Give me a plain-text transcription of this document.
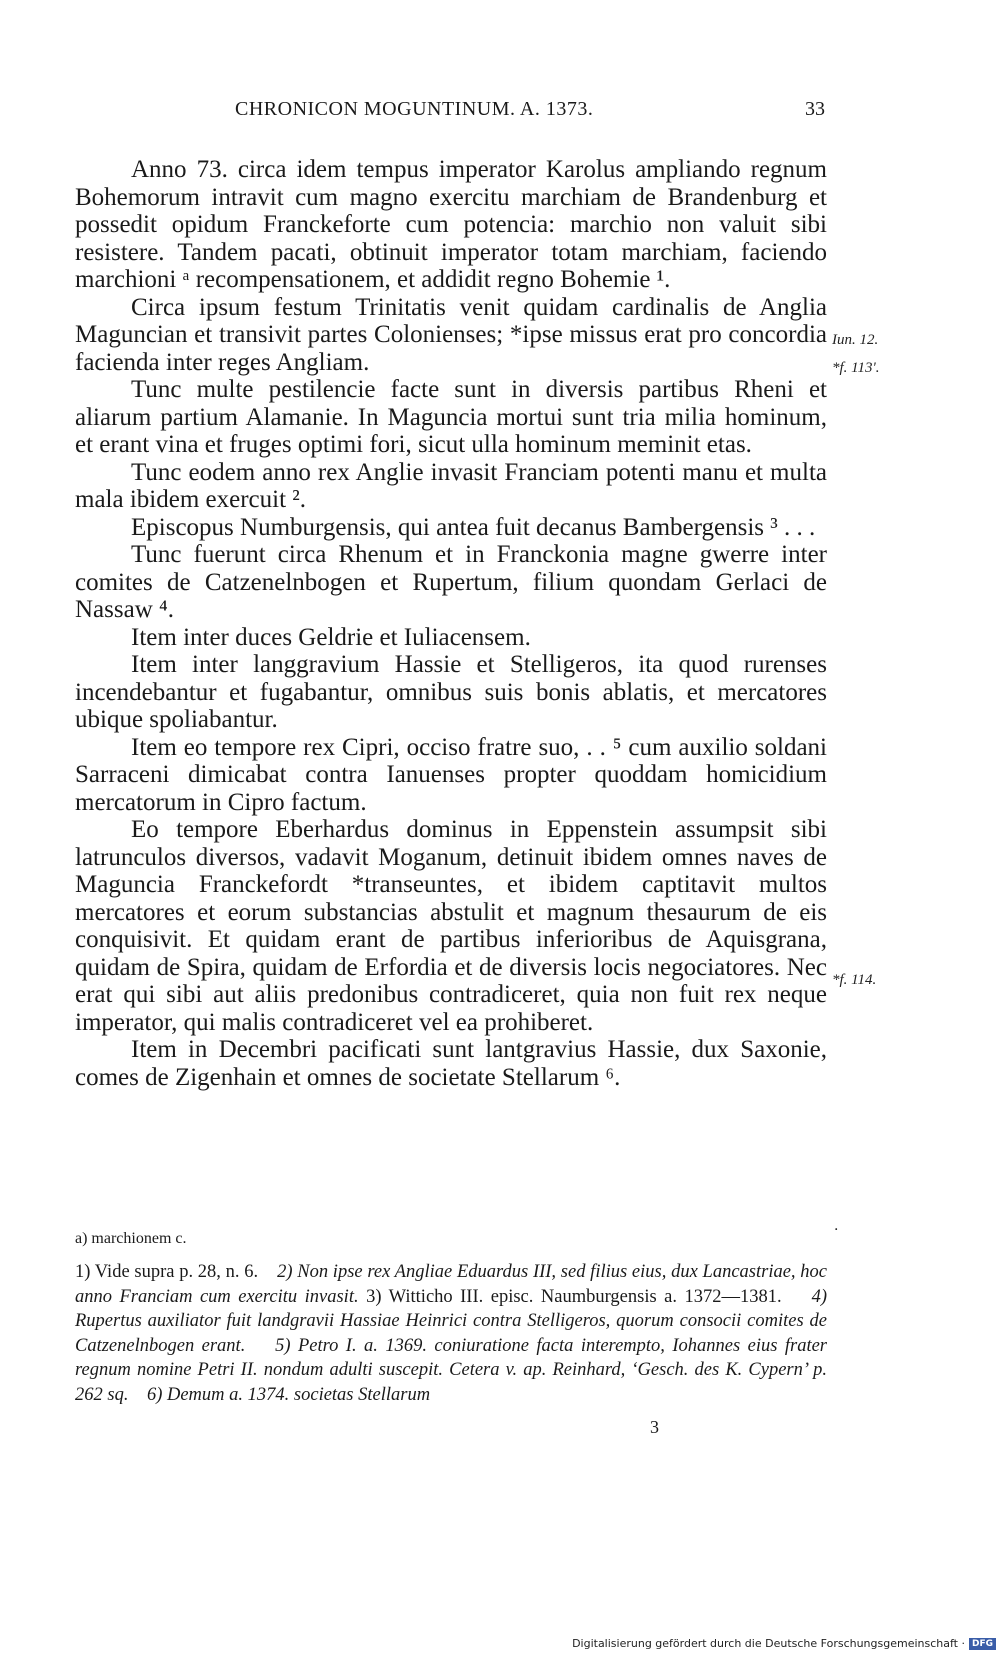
CHRONICON MOGUNTINUM. A. 1373.	33

Anno 73. circa idem tempus imperator Karolus ampliando regnum Bohemorum intravit cum magno exercitu marchiam de Brandenburg et possedit opidum Franckeforte cum potencia: marchio non valuit sibi resistere. Tandem pacati, obtinuit imperator totam marchiam, faciendo marchioni ᵃ recompensationem, et addidit regno Bohemie ¹.

Circa ipsum festum Trinitatis venit quidam cardinalis de Anglia Maguncian et transivit partes Colonienses; *ipse missus erat pro concordia facienda inter reges Angliam.

Tunc multe pestilencie facte sunt in diversis partibus Rheni et aliarum partium Alamanie. In Maguncia mortui sunt tria milia hominum, et erant vina et fruges optimi fori, sicut ulla hominum meminit etas.

Tunc eodem anno rex Anglie invasit Franciam potenti manu et multa mala ibidem exercuit ².

Episcopus Numburgensis, qui antea fuit decanus Bambergensis ³ . . .

Tunc fuerunt circa Rhenum et in Franckonia magne gwerre inter comites de Catzenelnbogen et Rupertum, filium quondam Gerlaci de Nassaw ⁴.

Item inter duces Geldrie et Iuliacensem.

Item inter langgravium Hassie et Stelligeros, ita quod rurenses incendebantur et fugabantur, omnibus suis bonis ablatis, et mercatores ubique spoliabantur.

Item eo tempore rex Cipri, occiso fratre suo, . . ⁵ cum auxilio soldani Sarraceni dimicabat contra Ianuenses propter quoddam homicidium mercatorum in Cipro factum.

Eo tempore Eberhardus dominus in Eppenstein assumpsit sibi latrunculos diversos, vadavit Moganum, detinuit ibidem omnes naves de Maguncia Franckefordt *transeuntes, et ibidem captitavit multos mercatores et eorum substancias abstulit et magnum thesaurum de eis conquisivit. Et quidam erant de partibus inferioribus de Aquisgrana, quidam de Spira, quidam de Erfordia et de diversis locis negociatores. Nec erat qui sibi aut aliis predonibus contradiceret, quia non fuit rex neque imperator, qui malis contradiceret vel ea prohiberet.

Item in Decembri pacificati sunt lantgravius Hassie, dux Saxonie, comes de Zigenhain et omnes de societate Stellarum ⁶.

Iun. 12.
*f. 113'.
*f. 114.
·
a) marchionem c.
1) Vide supra p. 28, n. 6. 2) Non ipse rex Angliae Eduardus III, sed filius eius, dux Lancastriae, hoc anno Franciam cum exercitu invasit. 3) Witticho III. episc. Naumburgensis a. 1372—1381. 4) Rupertus auxiliator fuit landgravii Hassiae Heinrici contra Stelligeros, quorum consocii comites de Catzenelnbogen erant. 5) Petro I. a. 1369. coniuratione facta interempto, Iohannes eius frater regnum nomine Petri II. nondum adulti suscepit. Cetera v. ap. Reinhard, ‘Gesch. des K. Cypern’ p. 262 sq. 6) Demum a. 1374. societas Stellarum
3
Digitalisierung gefördert durch die Deutsche Forschungsgemeinschaft · DFG
